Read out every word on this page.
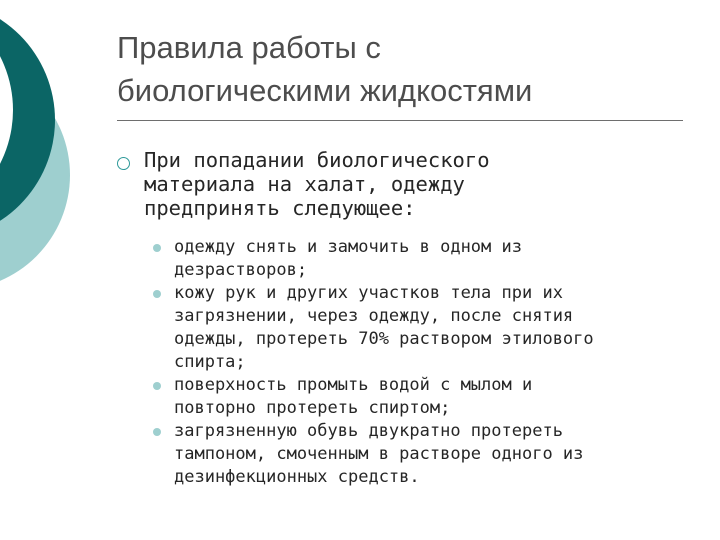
Правила работы с
биологическими жидкостями
При попадании биологического
материала на халат, одежду
предпринять следующее:
одежду снять и замочить в одном из
дезрастворов;
кожу рук и других участков тела при их
загрязнении, через одежду, после снятия
одежды, протереть 70% раствором этилового
спирта;
поверхность промыть водой с мылом и
повторно протереть спиртом;
загрязненную обувь двукратно протереть
тампоном, смоченным в растворе одного из
дезинфекционных средств.
